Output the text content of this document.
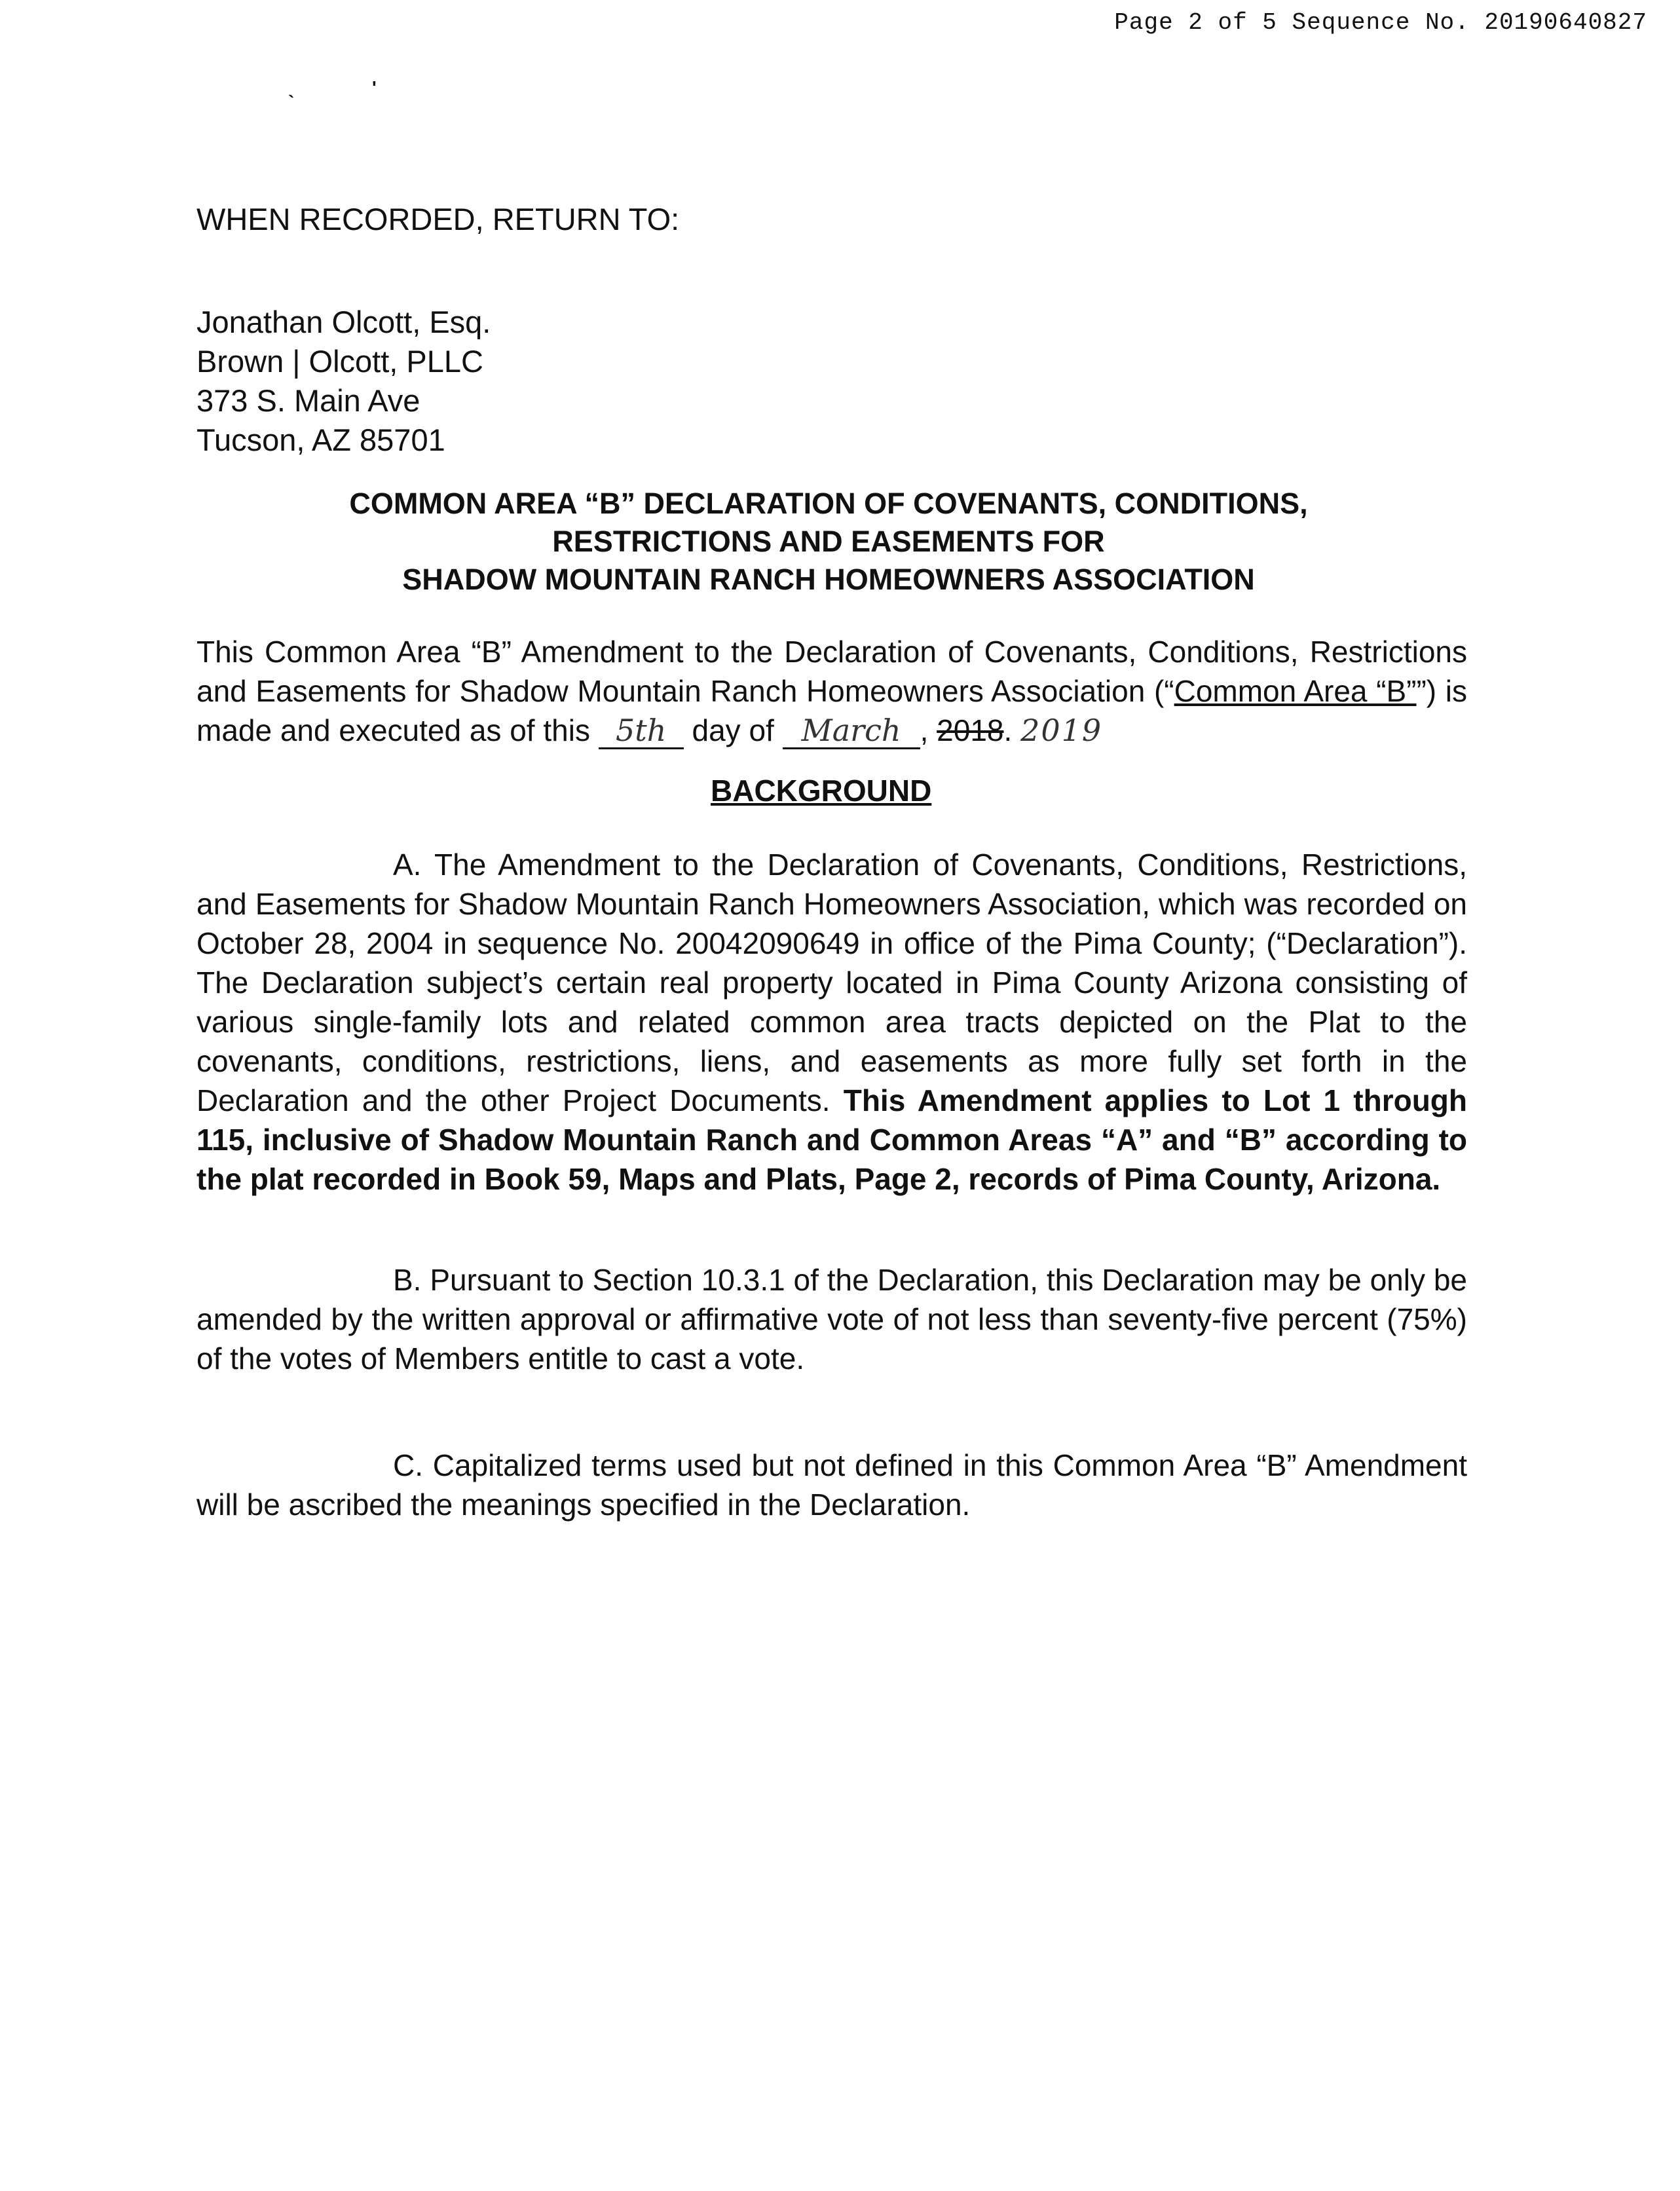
Page 2 of 5 Sequence No. 20190640827
`
'
WHEN RECORDED, RETURN TO:
Jonathan Olcott, Esq.
Brown | Olcott, PLLC
373 S. Main Ave
Tucson, AZ 85701
COMMON AREA “B” DECLARATION OF COVENANTS, CONDITIONS,
RESTRICTIONS AND EASEMENTS FOR
SHADOW MOUNTAIN RANCH HOMEOWNERS ASSOCIATION
This Common Area “B” Amendment to the Declaration of Covenants, Conditions, Restrictions and Easements for Shadow Mountain Ranch Homeowners Association (“Common Area “B””) is made and executed as of this 5th day of March , 2018. 2019
BACKGROUND
A. The Amendment to the Declaration of Covenants, Conditions, Restrictions, and Easements for Shadow Mountain Ranch Homeowners Association, which was recorded on October 28, 2004 in sequence No. 20042090649 in office of the Pima County; (“Declaration”). The Declaration subject’s certain real property located in Pima County Arizona consisting of various single-family lots and related common area tracts depicted on the Plat to the covenants, conditions, restrictions, liens, and easements as more fully set forth in the Declaration and the other Project Documents. This Amendment applies to Lot 1 through 115, inclusive of Shadow Mountain Ranch and Common Areas “A” and “B” according to the plat recorded in Book 59, Maps and Plats, Page 2, records of Pima County, Arizona.
B. Pursuant to Section 10.3.1 of the Declaration, this Declaration may be only be amended by the written approval or affirmative vote of not less than seventy-five percent (75%) of the votes of Members entitle to cast a vote.
C. Capitalized terms used but not defined in this Common Area “B” Amendment will be ascribed the meanings specified in the Declaration.
